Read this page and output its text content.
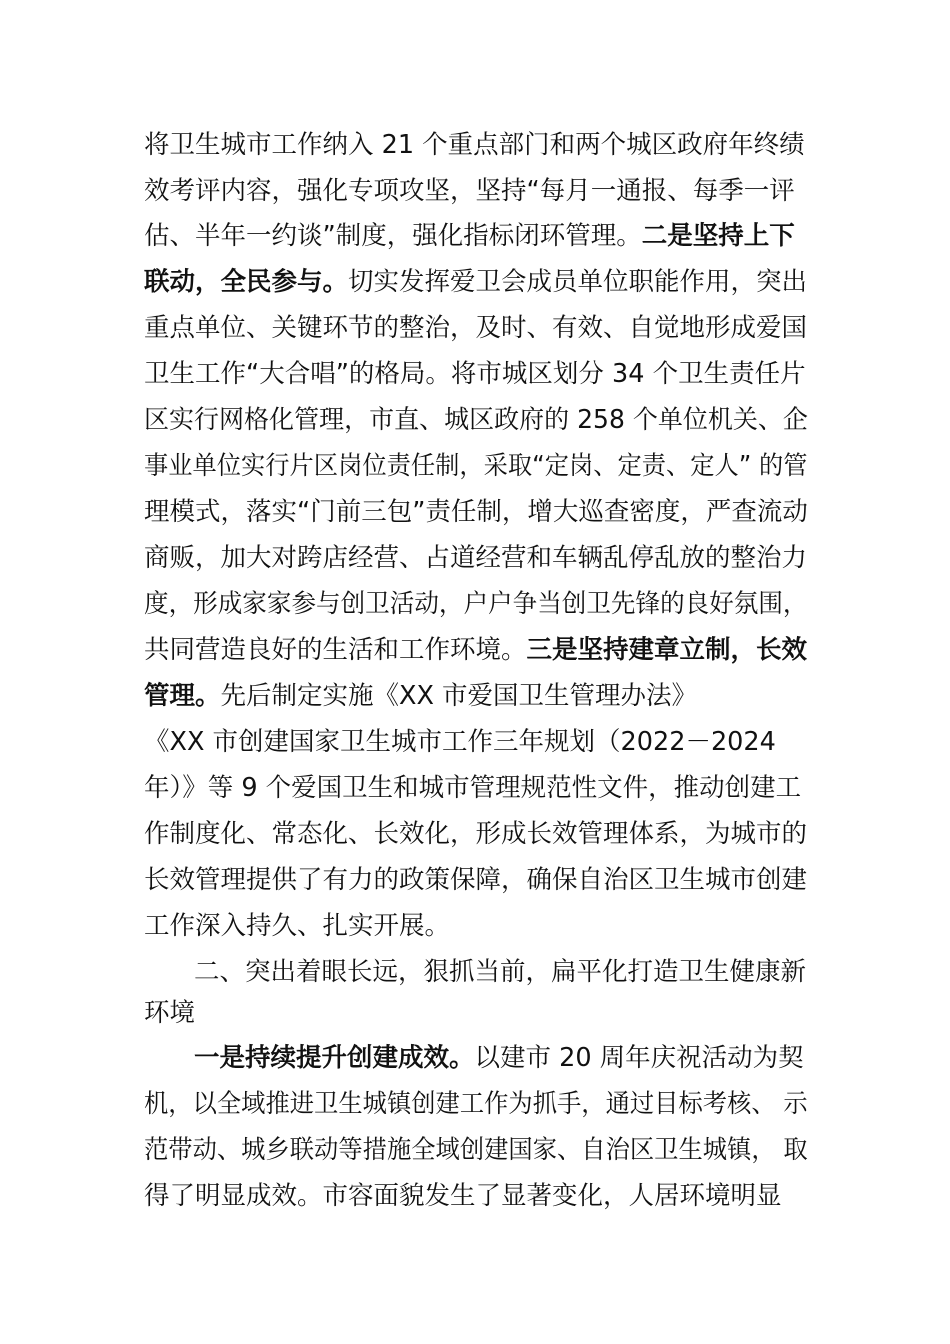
将卫生城市工作纳入 21 个重点部门和两个城区政府年终绩
效考评内容，强化专项攻坚，坚持“每月一通报、每季一评
估、半年一约谈”制度，强化指标闭环管理。二是坚持上下
联动，全民参与。切实发挥爱卫会成员单位职能作用，突出
重点单位、关键环节的整治，及时、有效、自觉地形成爱国
卫生工作“大合唱”的格局。将市城区划分 34 个卫生责任片
区实行网格化管理，市直、城区政府的 258 个单位机关、企
事业单位实行片区岗位责任制，采取“定岗、定责、定人” 的管
理模式，落实“门前三包”责任制，增大巡查密度，严查流动
商贩，加大对跨店经营、占道经营和车辆乱停乱放的整治力
度，形成家家参与创卫活动，户户争当创卫先锋的良好氛围，
共同营造良好的生活和工作环境。三是坚持建章立制，长效
管理。先后制定实施《XX 市爱国卫生管理办法》
《XX 市创建国家卫生城市工作三年规划（2022－2024
年）》等 9 个爱国卫生和城市管理规范性文件，推动创建工
作制度化、常态化、长效化，形成长效管理体系，为城市的
长效管理提供了有力的政策保障，确保自治区卫生城市创建
工作深入持久、扎实开展。
二、突出着眼长远，狠抓当前，扁平化打造卫生健康新
环境
一是持续提升创建成效。以建市 20 周年庆祝活动为契
机，以全域推进卫生城镇创建工作为抓手，通过目标考核、 示
范带动、城乡联动等措施全域创建国家、自治区卫生城镇， 取
得了明显成效。市容面貌发生了显著变化，人居环境明显
